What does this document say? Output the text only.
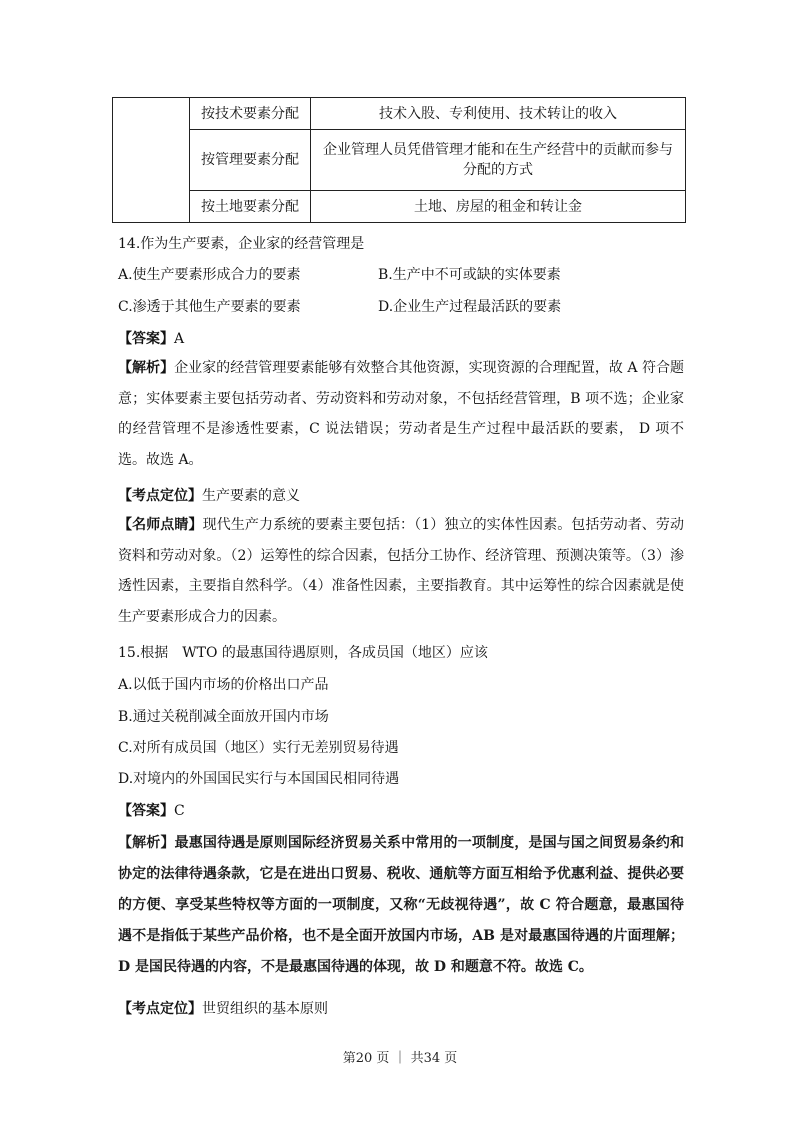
	按技术要素分配	技术入股、专利使用、技术转让的收入
	按管理要素分配	企业管理人员凭借管理才能和在生产经营中的贡献而参与分配的方式
	按土地要素分配	土地、房屋的租金和转让金
14.作为生产要素，企业家的经营管理是
A.使生产要素形成合力的要素	B.生产中不可或缺的实体要素
C.渗透于其他生产要素的要素	D.企业生产过程最活跃的要素
【答案】A
【解析】企业家的经营管理要素能够有效整合其他资源，实现资源的合理配置，故 A 符合题意；实体要素主要包括劳动者、劳动资料和劳动对象，不包括经营管理，B 项不选；企业家的经营管理不是渗透性要素，C 说法错误；劳动者是生产过程中最活跃的要素， D 项不选。故选 A。
【考点定位】生产要素的意义
【名师点睛】现代生产力系统的要素主要包括：（1）独立的实体性因素。包括劳动者、劳动资料和劳动对象。（2）运筹性的综合因素，包括分工协作、经济管理、预测决策等。（3）渗透性因素，主要指自然科学。（4）准备性因素，主要指教育。其中运筹性的综合因素就是使生产要素形成合力的因素。
15.根据　WTO 的最惠国待遇原则，各成员国（地区）应该
A.以低于国内市场的价格出口产品
B.通过关税削减全面放开国内市场
C.对所有成员国（地区）实行无差别贸易待遇
D.对境内的外国国民实行与本国国民相同待遇
【答案】C
【解析】最惠国待遇是原则国际经济贸易关系中常用的一项制度，是国与国之间贸易条约和协定的法律待遇条款，它是在进出口贸易、税收、通航等方面互相给予优惠利益、提供必要的方便、享受某些特权等方面的一项制度，又称“无歧视待遇”，故 C 符合题意，最惠国待遇不是指低于某些产品价格，也不是全面开放国内市场，AB 是对最惠国待遇的片面理解；D 是国民待遇的内容，不是最惠国待遇的体现，故 D 和题意不符。故选 C。
【考点定位】世贸组织的基本原则
第20 页 ｜ 共34 页
